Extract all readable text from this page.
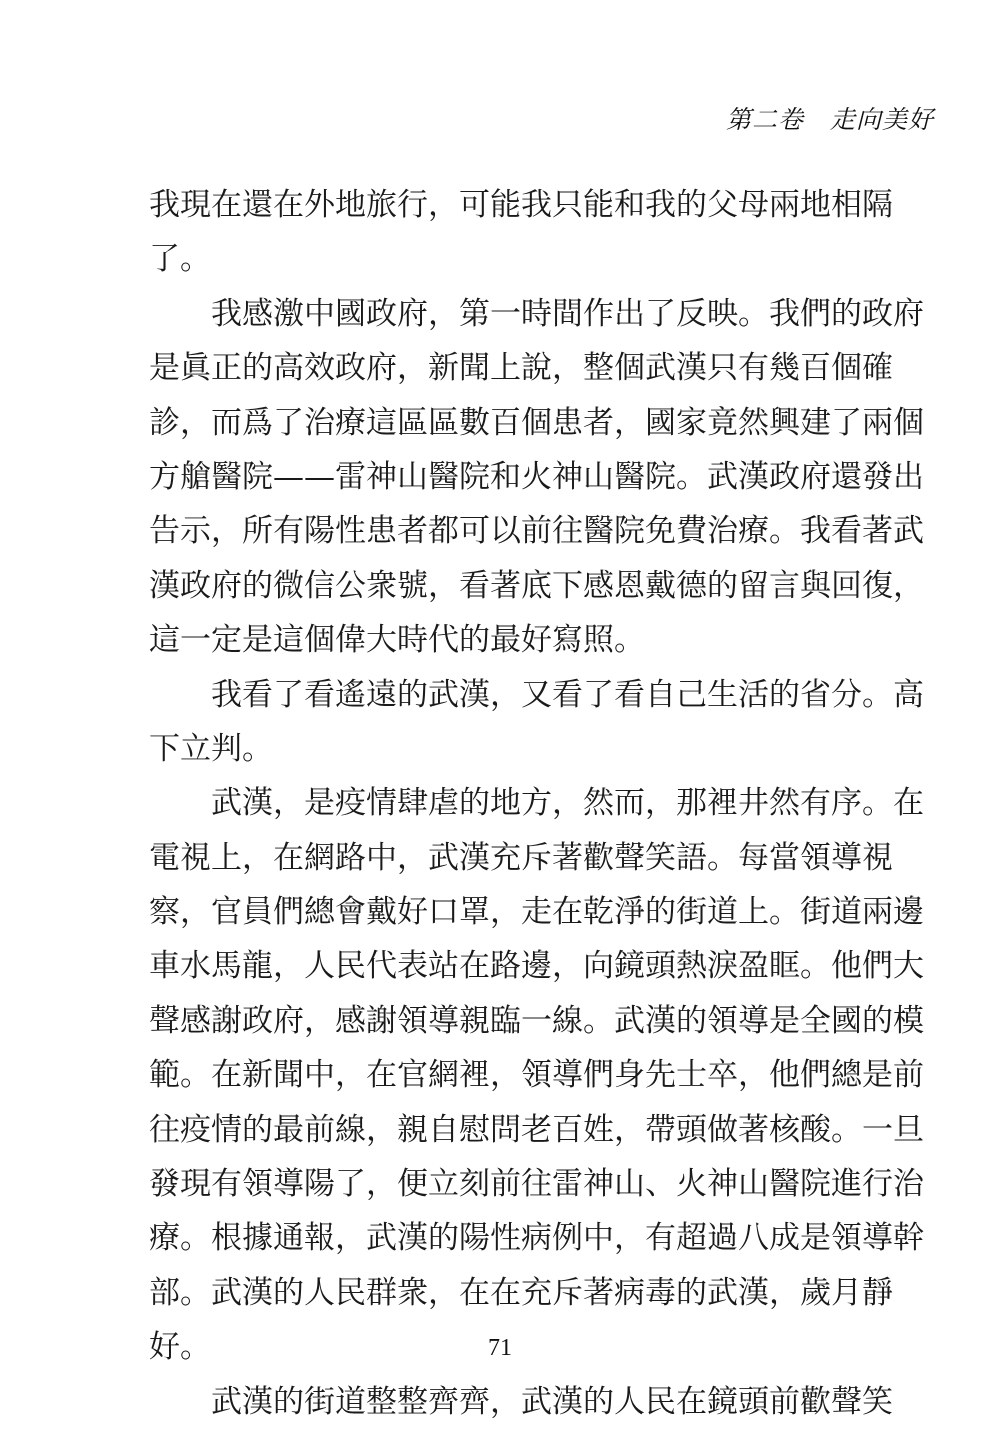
第二卷　走向美好
我 現 在 還 在 外 地 旅 行 ， 可 能 我 只 能 和 我 的 父 母 兩 地 相 隔
了 。
我 感 激 中 國 政 府 ， 第 一 時 間 作 出 了 反 映 。 我 們 的 政 府
是 眞 正 的 高 效 政 府 ， 新 聞 上 說 ， 整 個 武 漢 只 有 幾 百 個 確
診 ， 而 爲 了 治 療 這 區 區 數 百 個 患 者 ， 國 家 竟 然 興 建 了 兩 個
方 艙 醫 院 — — 雷 神 山 醫 院 和 火 神 山 醫 院 。 武 漢 政 府 還 發 出
告 示 ， 所 有 陽 性 患 者 都 可 以 前 往 醫 院 免 費 治 療 。 我 看 著 武
漢 政 府 的 微 信 公 衆 號 ， 看 著 底 下 感 恩 戴 德 的 留 言 與 回 復 ，
這 一 定 是 這 個 偉 大 時 代 的 最 好 寫 照 。
我 看 了 看 遙 遠 的 武 漢 ， 又 看 了 看 自 己 生 活 的 省 分 。 高
下 立 判 。
武 漢 ， 是 疫 情 肆 虐 的 地 方 ， 然 而 ， 那 裡 井 然 有 序 。 在
電 視 上 ， 在 網 路 中 ， 武 漢 充 斥 著 歡 聲 笑 語 。 每 當 領 導 視
察 ， 官 員 們 總 會 戴 好 口 罩 ， 走 在 乾 淨 的 街 道 上 。 街 道 兩 邊
車 水 馬 龍 ， 人 民 代 表 站 在 路 邊 ， 向 鏡 頭 熱 淚 盈 眶 。 他 們 大
聲 感 謝 政 府 ， 感 謝 領 導 親 臨 一 線 。 武 漢 的 領 導 是 全 國 的 模
範 。 在 新 聞 中 ， 在 官 網 裡 ， 領 導 們 身 先 士 卒 ， 他 們 總 是 前
往 疫 情 的 最 前 線 ， 親 自 慰 問 老 百 姓 ， 帶 頭 做 著 核 酸 。 一 旦
發 現 有 領 導 陽 了 ， 便 立 刻 前 往 雷 神 山 、 火 神 山 醫 院 進 行 治
療 。 根 據 通 報 ， 武 漢 的 陽 性 病 例 中 ， 有 超 過 八 成 是 領 導 幹
部 。 武 漢 的 人 民 群 衆 ， 在 在 充 斥 著 病 毒 的 武 漢 ， 歲 月 靜
好 。
武 漢 的 街 道 整 整 齊 齊 ， 武 漢 的 人 民 在 鏡 頭 前 歡 聲 笑
71
